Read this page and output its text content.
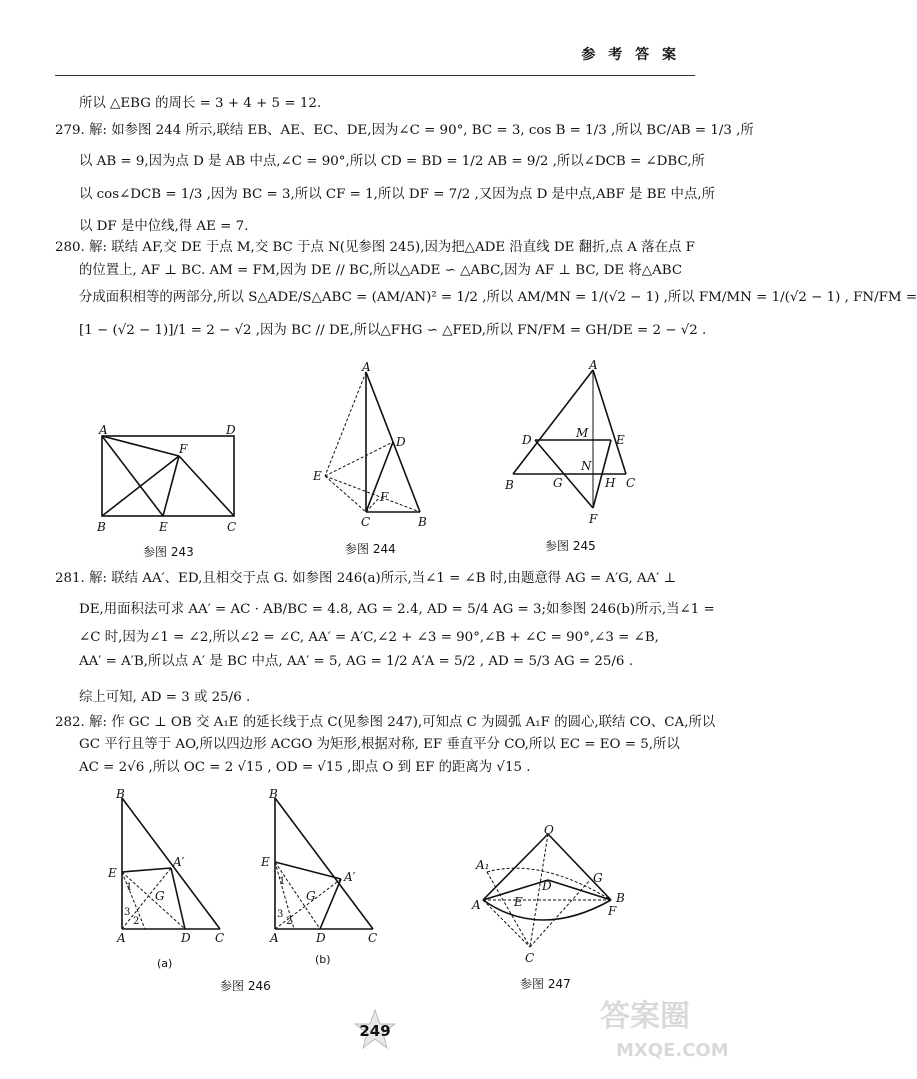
参 考 答 案
所以 △EBG 的周长 = 3 + 4 + 5 = 12.
279. 解: 如参图 244 所示,联结 EB、AE、EC、DE,因为∠C = 90°, BC = 3, cos B = 1/3 ,所以 BC/AB = 1/3 ,所
以 AB = 9,因为点 D 是 AB 中点,∠C = 90°,所以 CD = BD = 1/2 AB = 9/2 ,所以∠DCB = ∠DBC,所
以 cos∠DCB = 1/3 ,因为 BC = 3,所以 CF = 1,所以 DF = 7/2 ,又因为点 D 是中点,ABF 是 BE 中点,所
以 DF 是中位线,得 AE = 7.
280. 解: 联结 AF,交 DE 于点 M,交 BC 于点 N(见参图 245),因为把△ADE 沿直线 DE 翻折,点 A 落在点 F
的位置上, AF ⊥ BC. AM = FM,因为 DE // BC,所以△ADE ∽ △ABC,因为 AF ⊥ BC, DE 将△ABC
分成面积相等的两部分,所以 S△ADE/S△ABC = (AM/AN)² = 1/2 ,所以 AM/MN = 1/(√2 − 1) ,所以 FM/MN = 1/(√2 − 1) , FN/FM =
[1 − (√2 − 1)]/1 = 2 − √2 ,因为 BC // DE,所以△FHG ∽ △FED,所以 FN/FM = GH/DE = 2 − √2 .
A	D
F
B	E	C
参图 243
A
D
E
F
C	B
参图 244
A
D	M E
N
B	G	H C
F
参图 245
281. 解: 联结 AA′、ED,且相交于点 G. 如参图 246(a)所示,当∠1 = ∠B 时,由题意得 AG = A′G, AA′ ⊥
DE,用面积法可求 AA′ = AC · AB/BC = 4.8, AG = 2.4, AD = 5/4 AG = 3;如参图 246(b)所示,当∠1 =
∠C 时,因为∠1 = ∠2,所以∠2 = ∠C, AA′ = A′C,∠2 + ∠3 = 90°,∠B + ∠C = 90°,∠3 = ∠B,
AA′ = A′B,所以点 A′ 是 BC 中点, AA′ = 5, AG = 1/2 A′A = 5/2 , AD = 5/3 AG = 25/6 .
综上可知, AD = 3 或 25/6 .
282. 解: 作 GC ⊥ OB 交 A₁E 的延长线于点 C(见参图 247),可知点 C 为圆弧 A₁F 的圆心,联结 CO、CA,所以
GC 平行且等于 AO,所以四边形 ACGO 为矩形,根据对称, EF 垂直平分 CO,所以 EC = EO = 5,所以
AC = 2√6 ,所以 OC = 2 √15 , OD = √15 ,即点 O 到 EF 的距离为 √15 .
B
A′
E
G
1
3
2
A	D C
(a)
B
A′
E
G
1
3
2
A	D	C
(b)
参图 246
O
A₁
G
D
A	E	B
F
C
参图 247
249	答案圈
MXQE.COM
